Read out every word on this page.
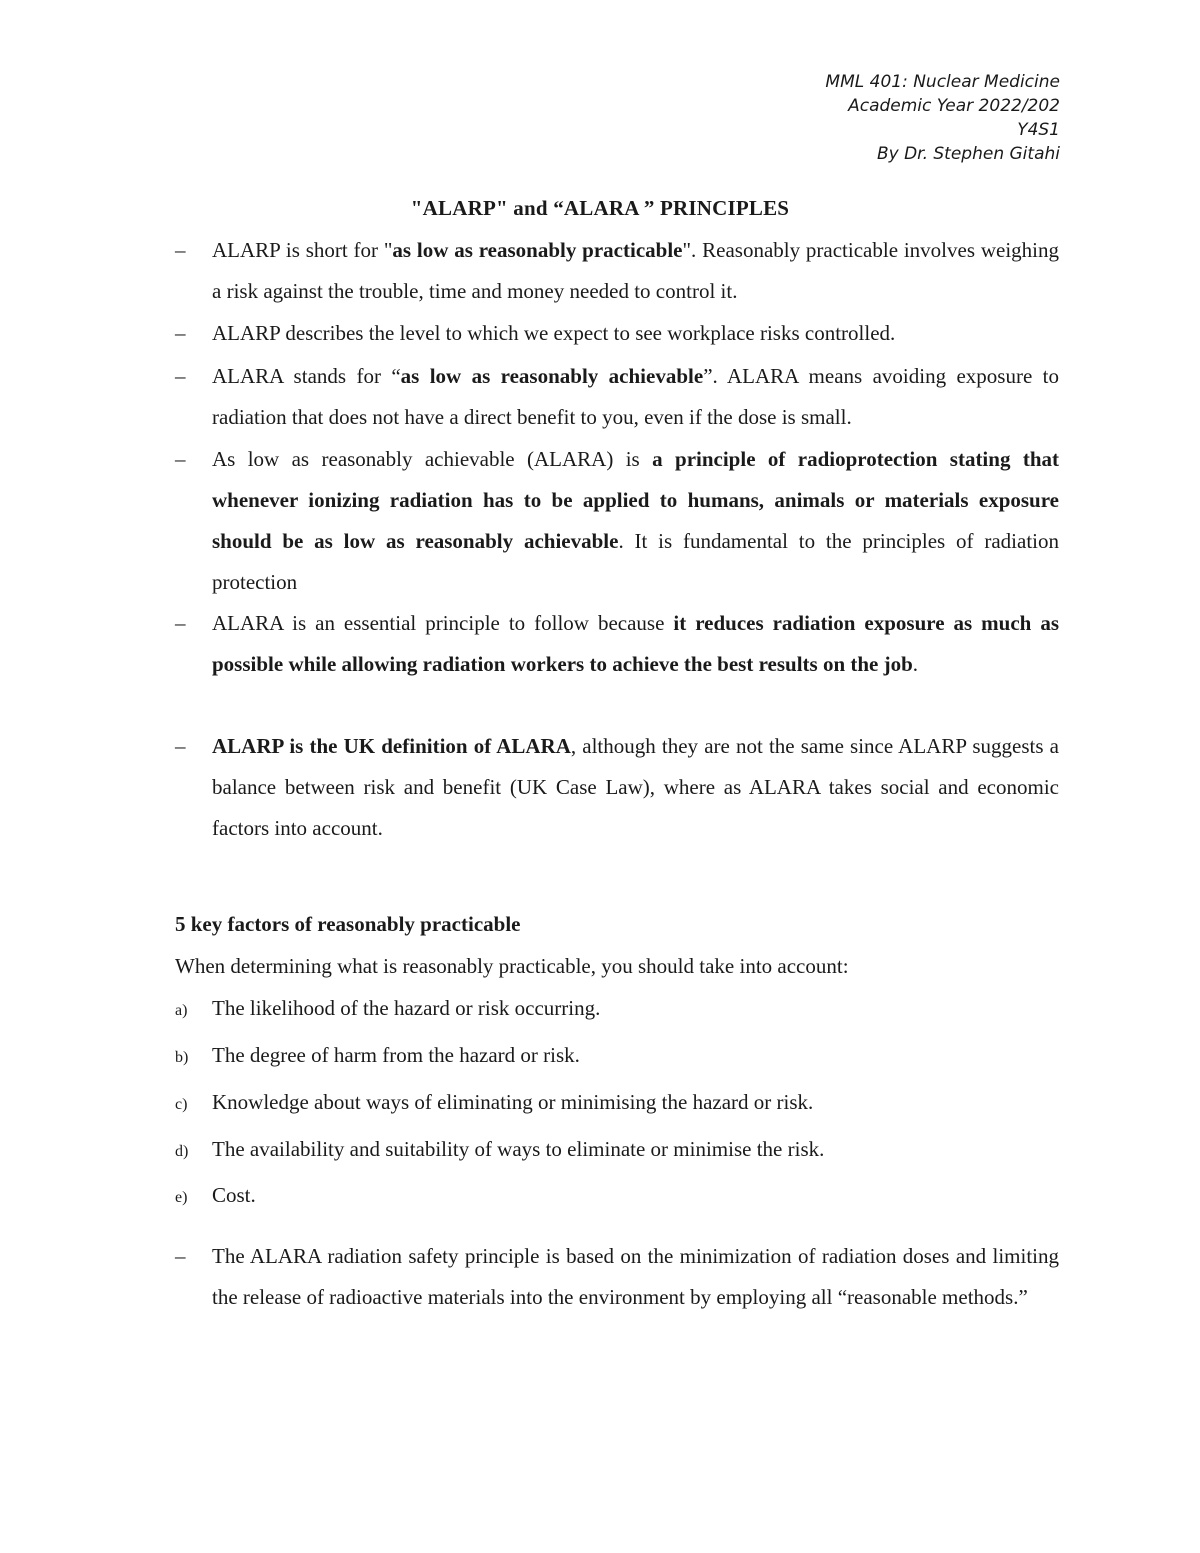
MML 401: Nuclear Medicine
Academic Year 2022/202
Y4S1
By Dr. Stephen Gitahi
"ALARP" and “ALARA ” PRINCIPLES
– ALARP is short for "as low as reasonably practicable". Reasonably practicable involves weighing a risk against the trouble, time and money needed to control it.
– ALARP describes the level to which we expect to see workplace risks controlled.
– ALARA stands for “as low as reasonably achievable”. ALARA means avoiding exposure to radiation that does not have a direct benefit to you, even if the dose is small.
– As low as reasonably achievable (ALARA) is a principle of radioprotection stating that whenever ionizing radiation has to be applied to humans, animals or materials exposure should be as low as reasonably achievable. It is fundamental to the principles of radiation protection
– ALARA is an essential principle to follow because it reduces radiation exposure as much as possible while allowing radiation workers to achieve the best results on the job.
– ALARP is the UK definition of ALARA, although they are not the same since ALARP suggests a balance between risk and benefit (UK Case Law), where as ALARA takes social and economic factors into account.
5 key factors of reasonably practicable
When determining what is reasonably practicable, you should take into account:
a) The likelihood of the hazard or risk occurring.
b) The degree of harm from the hazard or risk.
c) Knowledge about ways of eliminating or minimising the hazard or risk.
d) The availability and suitability of ways to eliminate or minimise the risk.
e) Cost.
– The ALARA radiation safety principle is based on the minimization of radiation doses and limiting the release of radioactive materials into the environment by employing all “reasonable methods.”
